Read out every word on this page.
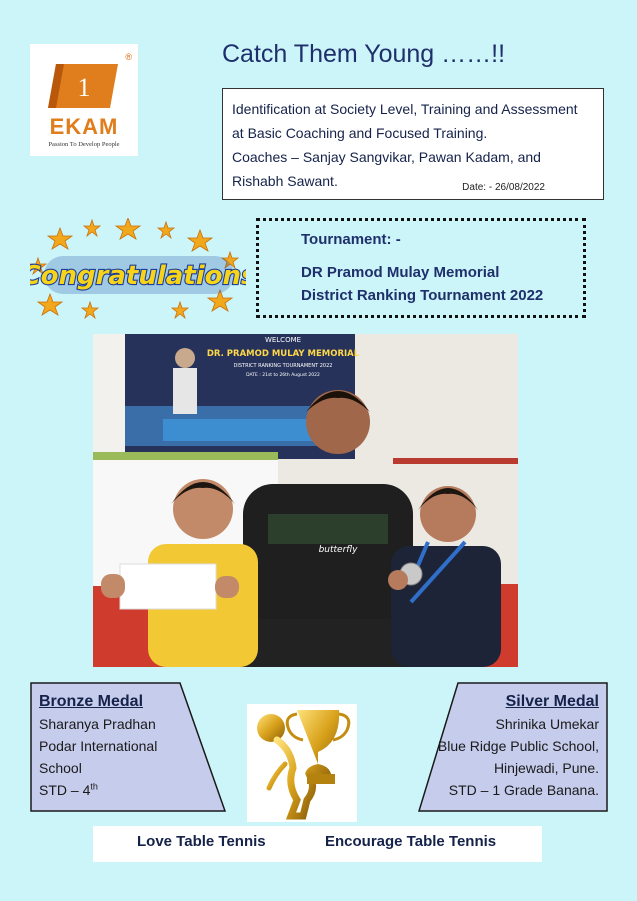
®
1
EKAM
Passion To Develop People
Catch Them Young ……!!
Identification at Society Level, Training and Assessment
at Basic Coaching and Focused Training.
Coaches – Sanjay Sangvikar, Pawan Kadam, and
Rishabh Sawant.	Date: - 26/08/2022
Congratulations
Tournament: -
DR Pramod Mulay Memorial
District Ranking Tournament 2022
WELCOME
DR. PRAMOD MULAY MEMORIAL
DISTRICT RANKING TOURNAMENT 2022
DATE : 21st to 26th August 2022
butterfly
Bronze Medal
Sharanya Pradhan
Podar International
School
STD – 4th
Silver Medal
Shrinika Umekar
Blue Ridge Public School,
Hinjewadi, Pune.
STD – 1 Grade Banana.
Love Table Tennis	Encourage Table Tennis
